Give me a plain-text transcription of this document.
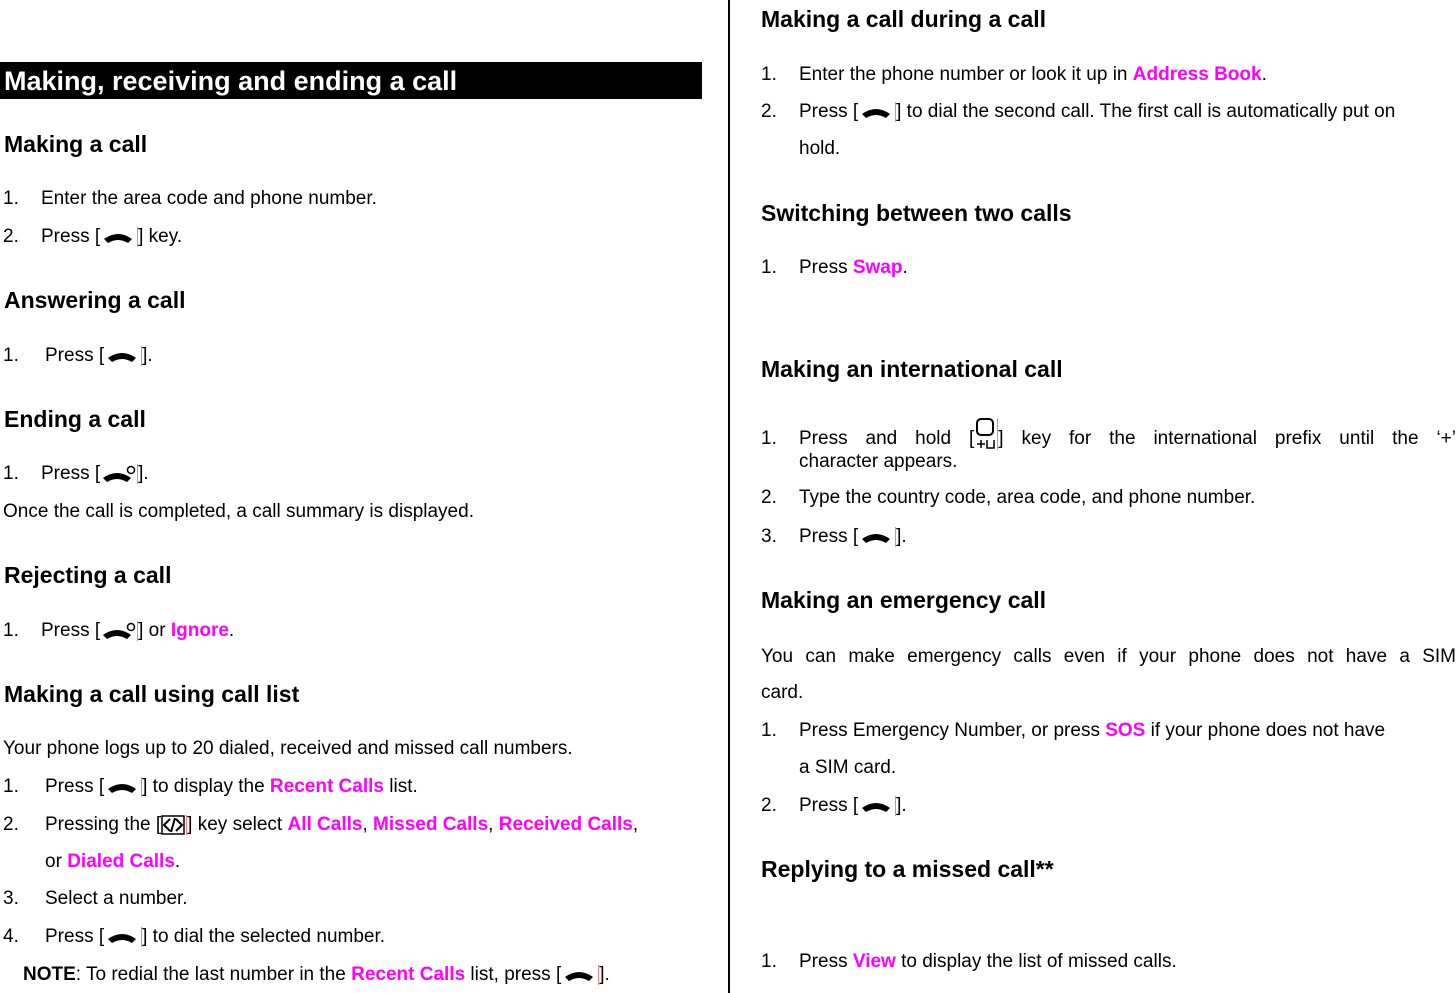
Making, receiving and ending a call
Making a call
1. Enter the area code and phone number.
2. Press [ ] key.
Answering a call
1. Press [ ].
Ending a call
1. Press [ ].
Once the call is completed, a call summary is displayed.
Rejecting a call
1. Press [ ] or Ignore.
Making a call using call list
Your phone logs up to 20 dialed, received and missed call numbers.
1. Press [ ] to display the Recent Calls list.
2. Pressing the [ ] key select All Calls, Missed Calls, Received Calls,
or Dialed Calls.
3. Select a number.
4. Press [ ] to dial the selected number.
NOTE: To redial the last number in the Recent Calls list, press [ ].
Making a call during a call
1. Enter the phone number or look it up in Address Book.
2. Press [ ] to dial the second call. The first call is automatically put on
hold.
Switching between two calls
1. Press Swap.
Making an international call
1. Press and hold [ ] key for the international prefix until the ‘+’
character appears.
2. Type the country code, area code, and phone number.
3. Press [ ].
Making an emergency call
You can make emergency calls even if your phone does not have a SIM
card.
1. Press Emergency Number, or press SOS if your phone does not have
a SIM card.
2. Press [ ].
Replying to a missed call**
1. Press View to display the list of missed calls.
